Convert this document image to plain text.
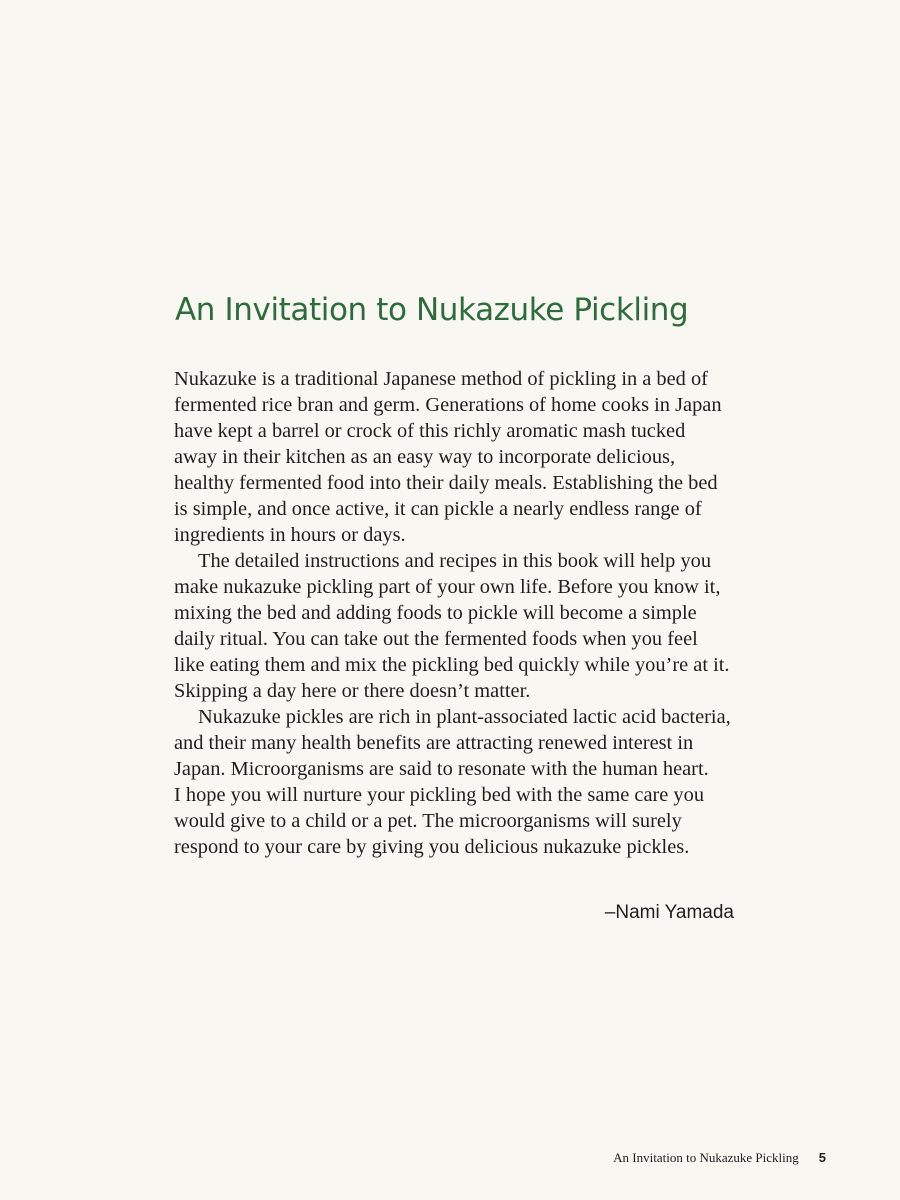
An Invitation to Nukazuke Pickling

Nukazuke is a traditional Japanese method of pickling in a bed of
fermented rice bran and germ. Generations of home cooks in Japan
have kept a barrel or crock of this richly aromatic mash tucked
away in their kitchen as an easy way to incorporate delicious,
healthy fermented food into their daily meals. Establishing the bed
is simple, and once active, it can pickle a nearly endless range of
ingredients in hours or days.

The detailed instructions and recipes in this book will help you
make nukazuke pickling part of your own life. Before you know it,
mixing the bed and adding foods to pickle will become a simple
daily ritual. You can take out the fermented foods when you feel
like eating them and mix the pickling bed quickly while you’re at it.
Skipping a day here or there doesn’t matter.

Nukazuke pickles are rich in plant-associated lactic acid bacteria,
and their many health benefits are attracting renewed interest in
Japan. Microorganisms are said to resonate with the human heart.
I hope you will nurture your pickling bed with the same care you
would give to a child or a pet. The microorganisms will surely
respond to your care by giving you delicious nukazuke pickles.

–Nami Yamada
An Invitation to Nukazuke Pickling 5
